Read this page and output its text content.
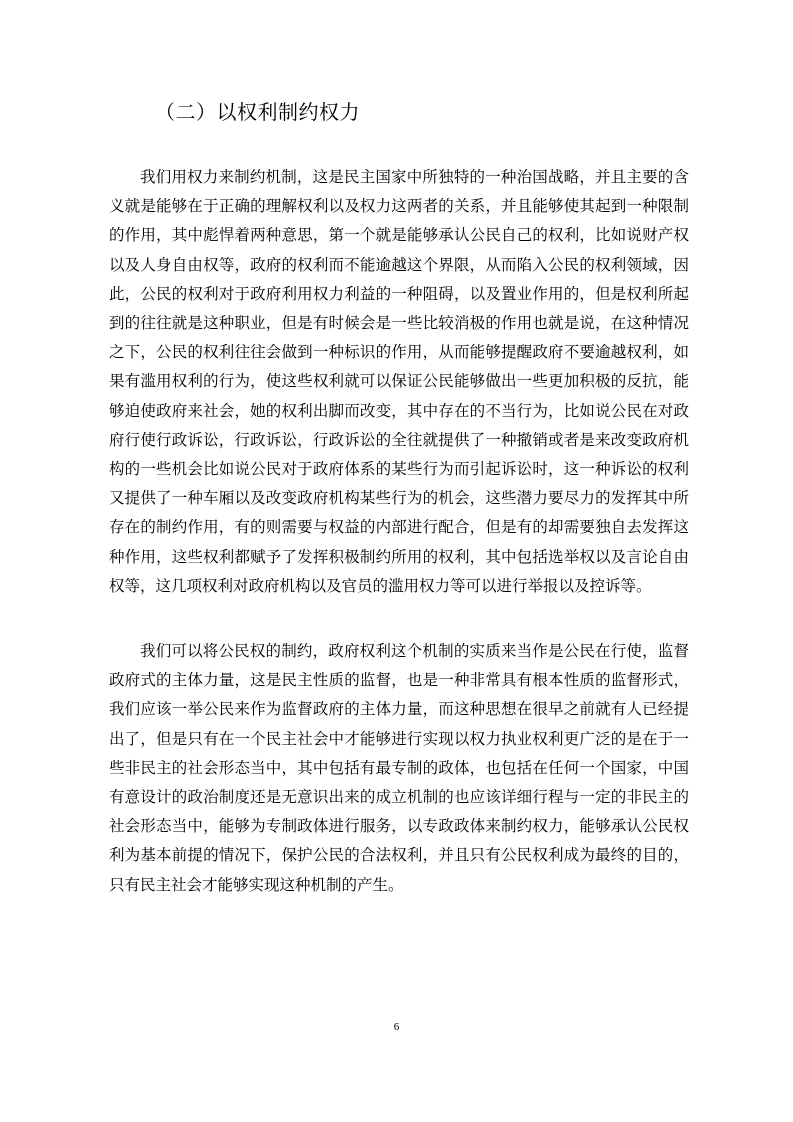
（二）以权利制约权力

我们用权力来制约机制，这是民主国家中所独特的一种治国战略，并且主要的含义就是能够在于正确的理解权利以及权力这两者的关系，并且能够使其起到一种限制的作用，其中彪悍着两种意思，第一个就是能够承认公民自己的权利，比如说财产权以及人身自由权等，政府的权利而不能逾越这个界限，从而陷入公民的权利领域，因此，公民的权利对于政府利用权力利益的一种阻碍，以及置业作用的，但是权利所起到的往往就是这种职业，但是有时候会是一些比较消极的作用也就是说，在这种情况之下，公民的权利往往会做到一种标识的作用，从而能够提醒政府不要逾越权利，如果有滥用权利的行为，使这些权利就可以保证公民能够做出一些更加积极的反抗，能够迫使政府来社会，她的权利出脚而改变，其中存在的不当行为，比如说公民在对政府行使行政诉讼，行政诉讼，行政诉讼的全往就提供了一种撤销或者是来改变政府机构的一些机会比如说公民对于政府体系的某些行为而引起诉讼时，这一种诉讼的权利又提供了一种车厢以及改变政府机构某些行为的机会，这些潜力要尽力的发挥其中所存在的制约作用，有的则需要与权益的内部进行配合，但是有的却需要独自去发挥这种作用，这些权利都赋予了发挥积极制约所用的权利，其中包括选举权以及言论自由权等，这几项权利对政府机构以及官员的滥用权力等可以进行举报以及控诉等。

我们可以将公民权的制约，政府权利这个机制的实质来当作是公民在行使，监督政府式的主体力量，这是民主性质的监督，也是一种非常具有根本性质的监督形式，我们应该一举公民来作为监督政府的主体力量，而这种思想在很早之前就有人已经提出了，但是只有在一个民主社会中才能够进行实现以权力执业权利更广泛的是在于一些非民主的社会形态当中，其中包括有最专制的政体，也包括在任何一个国家，中国有意设计的政治制度还是无意识出来的成立机制的也应该详细行程与一定的非民主的社会形态当中，能够为专制政体进行服务，以专政政体来制约权力，能够承认公民权利为基本前提的情况下，保护公民的合法权利，并且只有公民权利成为最终的目的，只有民主社会才能够实现这种机制的产生。

6
